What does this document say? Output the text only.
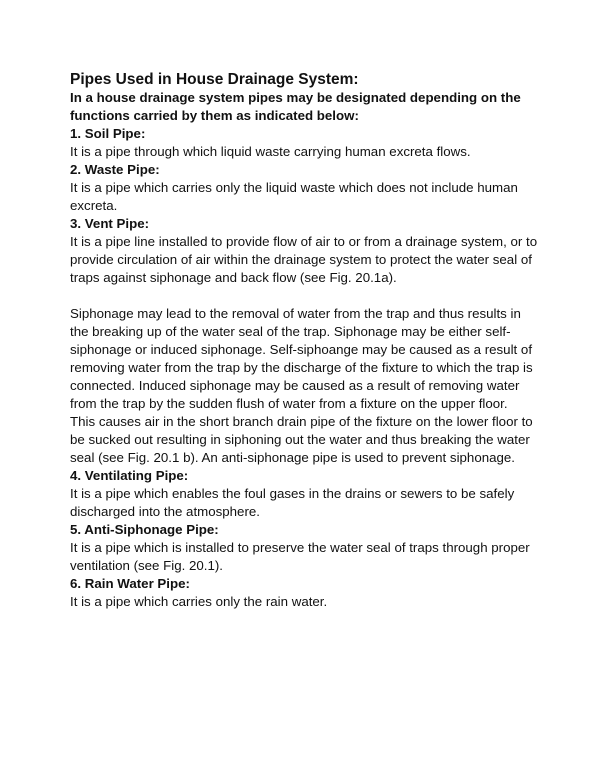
Pipes Used in House Drainage System:

In a house drainage system pipes may be designated depending on the functions carried by them as indicated below:

1. Soil Pipe:

It is a pipe through which liquid waste carrying human excreta flows.

2. Waste Pipe:

It is a pipe which carries only the liquid waste which does not include human excreta.

3. Vent Pipe:

It is a pipe line installed to provide flow of air to or from a drainage system, or to provide circulation of air within the drainage system to protect the water seal of traps against siphonage and back flow (see Fig. 20.1a).

Siphonage may lead to the removal of water from the trap and thus results in the breaking up of the water seal of the trap. Siphonage may be either self-siphonage or induced siphonage. Self-siphoange may be caused as a result of removing water from the trap by the discharge of the fixture to which the trap is connected. Induced siphonage may be caused as a result of removing water from the trap by the sudden flush of water from a fixture on the upper floor.

This causes air in the short branch drain pipe of the fixture on the lower floor to be sucked out resulting in siphoning out the water and thus breaking the water seal (see Fig. 20.1 b). An anti-siphonage pipe is used to prevent siphonage.

4. Ventilating Pipe:

It is a pipe which enables the foul gases in the drains or sewers to be safely discharged into the atmosphere.

5. Anti-Siphonage Pipe:

It is a pipe which is installed to preserve the water seal of traps through proper ventilation (see Fig. 20.1).

6. Rain Water Pipe:

It is a pipe which carries only the rain water.
